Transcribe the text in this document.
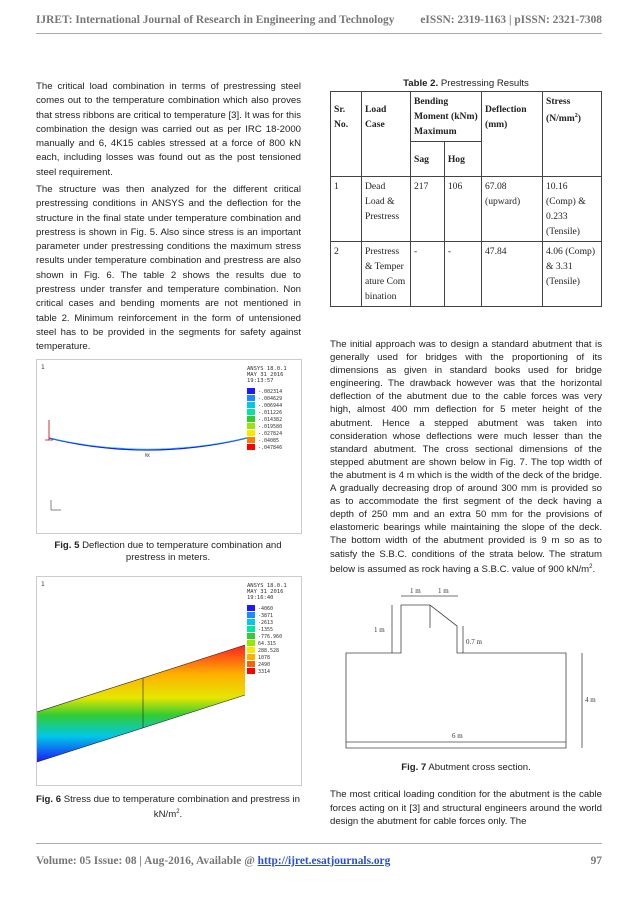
IJRET: International Journal of Research in Engineering and Technology eISSN: 2319-1163 | pISSN: 2321-7308

The critical load combination in terms of prestressing steel comes out to the temperature combination which also proves that stress ribbons are critical to temperature [3]. It was for this combination the design was carried out as per IRC 18-2000 manually and 6, 4K15 cables stressed at a force of 800 kN each, including losses was found out as the post tensioned steel requirement.

The structure was then analyzed for the different critical prestressing conditions in ANSYS and the deflection for the structure in the final state under temperature combination and prestress is shown in Fig. 5. Also since stress is an important parameter under prestressing conditions the maximum stress results under temperature combination and prestress are also shown in Fig. 6. The table 2 shows the results due to prestress under transfer and temperature combination. Non critical cases and bending moments are not mentioned in table 2. Minimum reinforcement in the form of untensioned steel has to be provided in the segments for safety against temperature.

1	ANSYS 18.0.1
MAY 31 2016
19:13:57
-.002314
-.004629
-.006944
-.011226
-.014382
-.019580
-.027824
-.04085
-.047846
MX
Fig. 5 Deflection due to temperature combination and prestress in meters.
1	ANSYS 18.0.1
MAY 31 2016
19:16:40
-4060
-3871
-2613
-1355
-776.960
64.315
288.528
1078
2490
3314
Fig. 6 Stress due to temperature combination and prestress in $kN/m^2$.
Table 2. Prestressing Results
Sr. No.	Load Case	Bending Moment (kNm) Maximum		Deflection (mm)	Stress $(N/mm^2)$
		Sag	Hog		
1	Dead Load & Prestress	217	106	67.08 (upward)	10.16 (Comp) & 0.233 (Tensile)
2	Prestress & Temperature Combination	-	-	47.84	4.06 (Comp) & 3.31 (Tensile)

The initial approach was to design a standard abutment that is generally used for bridges with the proportioning of its dimensions as given in standard books used for bridge engineering. The drawback however was that the horizontal deflection of the abutment due to the cable forces was very high, almost 400 mm deflection for 5 meter height of the abutment. Hence a stepped abutment was taken into consideration whose deflections were much lesser than the standard abutment. The cross sectional dimensions of the stepped abutment are shown below in Fig. 7. The top width of the abutment is 4 m which is the width of the deck of the bridge. A gradually decreasing drop of around 300 mm is provided so as to accommodate the first segment of the deck having a depth of 250 mm and an extra 50 mm for the provisions of elastomeric bearings while maintaining the slope of the deck. The bottom width of the abutment provided is 9 m so as to satisfy the S.B.C. conditions of the strata below. The stratum below is assumed as rock having a S.B.C. value of 900 $kN/m^2$.

1 m 1 m
1 m
0.7 m
4 m
6 m
Fig. 7 Abutment cross section.

The most critical loading condition for the abutment is the cable forces acting on it [3] and structural engineers around the world design the abutment for cable forces only. The

Volume: 05 Issue: 08 | Aug-2016, Available @ http://ijret.esatjournals.org	97
